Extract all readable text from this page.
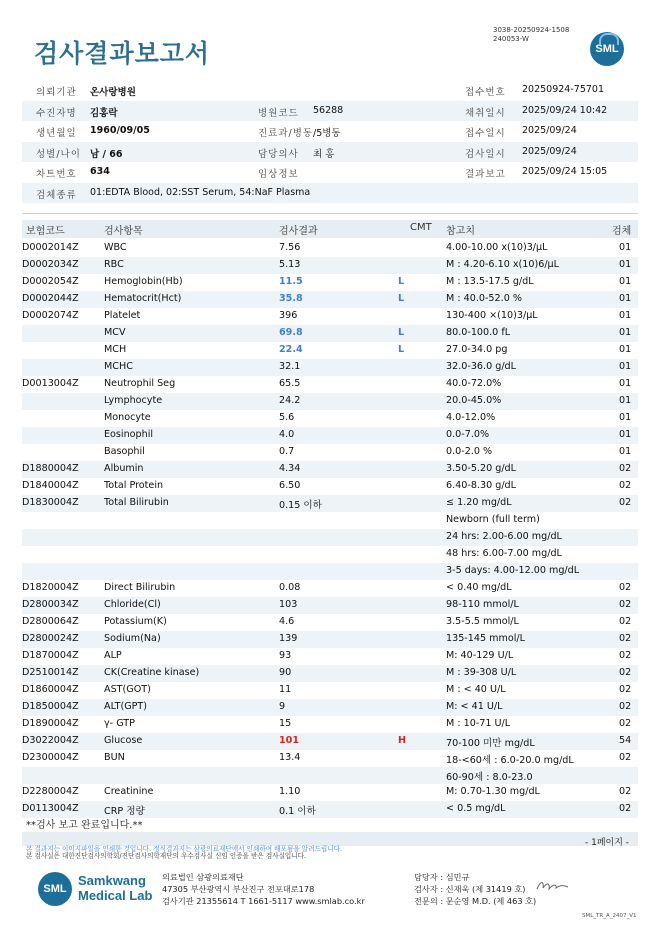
검사결과보고서
3038-20250924-1508
240053-W
SML
의뢰기관 온사랑병원	접수번호 20250924-75701
수진자명 김홍락	병원코드 56288	채취일시 2025/09/24 10:42
생년월일 1960/09/05	진료과/병동 /5병동	접수일시 2025/09/24
성별/나이 남 / 66	담당의사 최 홍	검사일시 2025/09/24
차트번호 634	임상정보	결과보고 2025/09/24 15:05
검체종류 01:EDTA Blood, 02:SST Serum, 54:NaF Plasma
보험코드	검사항목	검사결과	CMT 참고치	검체
D0002014Z	WBC	7.56	4.00-10.00 x(10)3/μL	01
D0002034Z	RBC	5.13	M : 4.20-6.10 x(10)6/μL	01
D0002054Z	Hemoglobin(Hb)	11.5	L	M : 13.5-17.5 g/dL	01
D0002044Z	Hematocrit(Hct)	35.8	L	M : 40.0-52.0 %	01
D0002074Z	Platelet	396	130-400 ×(10)3/μL	01
MCV	69.8	L	80.0-100.0 fL	01
MCH	22.4	L	27.0-34.0 pg	01
MCHC	32.1	32.0-36.0 g/dL	01
D0013004Z	Neutrophil Seg	65.5	40.0-72.0%	01
Lymphocyte	24.2	20.0-45.0%	01
Monocyte	5.6	4.0-12.0%	01
Eosinophil	4.0	0.0-7.0%	01
Basophil	0.7	0.0-2.0 %	01
D1880004Z	Albumin	4.34	3.50-5.20 g/dL	02
D1840004Z	Total Protein	6.50	6.40-8.30 g/dL	02
D1830004Z	Total Bilirubin	0.15 이하	≤ 1.20 mg/dL	02
Newborn (full term)
24 hrs: 2.00-6.00 mg/dL
48 hrs: 6.00-7.00 mg/dL
3-5 days: 4.00-12.00 mg/dL
D1820004Z	Direct Bilirubin	0.08	< 0.40 mg/dL	02
D2800034Z	Chloride(Cl)	103	98-110 mmol/L	02
D2800064Z	Potassium(K)	4.6	3.5-5.5 mmol/L	02
D2800024Z	Sodium(Na)	139	135-145 mmol/L	02
D1870004Z	ALP	93	M: 40-129 U/L	02
D2510014Z	CK(Creatine kinase)	90	M : 39-308 U/L	02
D1860004Z	AST(GOT)	11	M : < 40 U/L	02
D1850004Z	ALT(GPT)	9	M: < 41 U/L	02
D1890004Z	γ- GTP	15	M : 10-71 U/L	02
D3022004Z	Glucose	101	H	70-100 미만 mg/dL	54
D2300004Z	BUN	13.4	18-<60세 : 6.0-20.0 mg/dL	02
60-90세 : 8.0-23.0
D2280004Z	Creatinine	1.10	M: 0.70-1.30 mg/dL	02
D0113004Z	CRP 정량	0.1 이하	< 0.5 mg/dL	02
**검사 보고 완료입니다.**
- 1페이지 -
본 결과지는 이미지파일을 인쇄한 것입니다. 정식결과지는 삼광의료재단에서 인쇄하여 배포됨을 알려드립니다.
본 검사실은 대한진단검사의학회/진단검사의학재단의 우수검사실 신임 인증을 받은 검사실입니다.
SML
Samkwang
Medical Lab
의료법인 삼광의료재단
47305 부산광역시 부산진구 전포대로178
검사기관 21355614 T 1661-5117 www.smlab.co.kr
담당자 : 심민규
검사자 : 신재욱 (제 31419 호)
전문의 : 문순영 M.D. (제 463 호)
SML_TR_A_2407_V1
